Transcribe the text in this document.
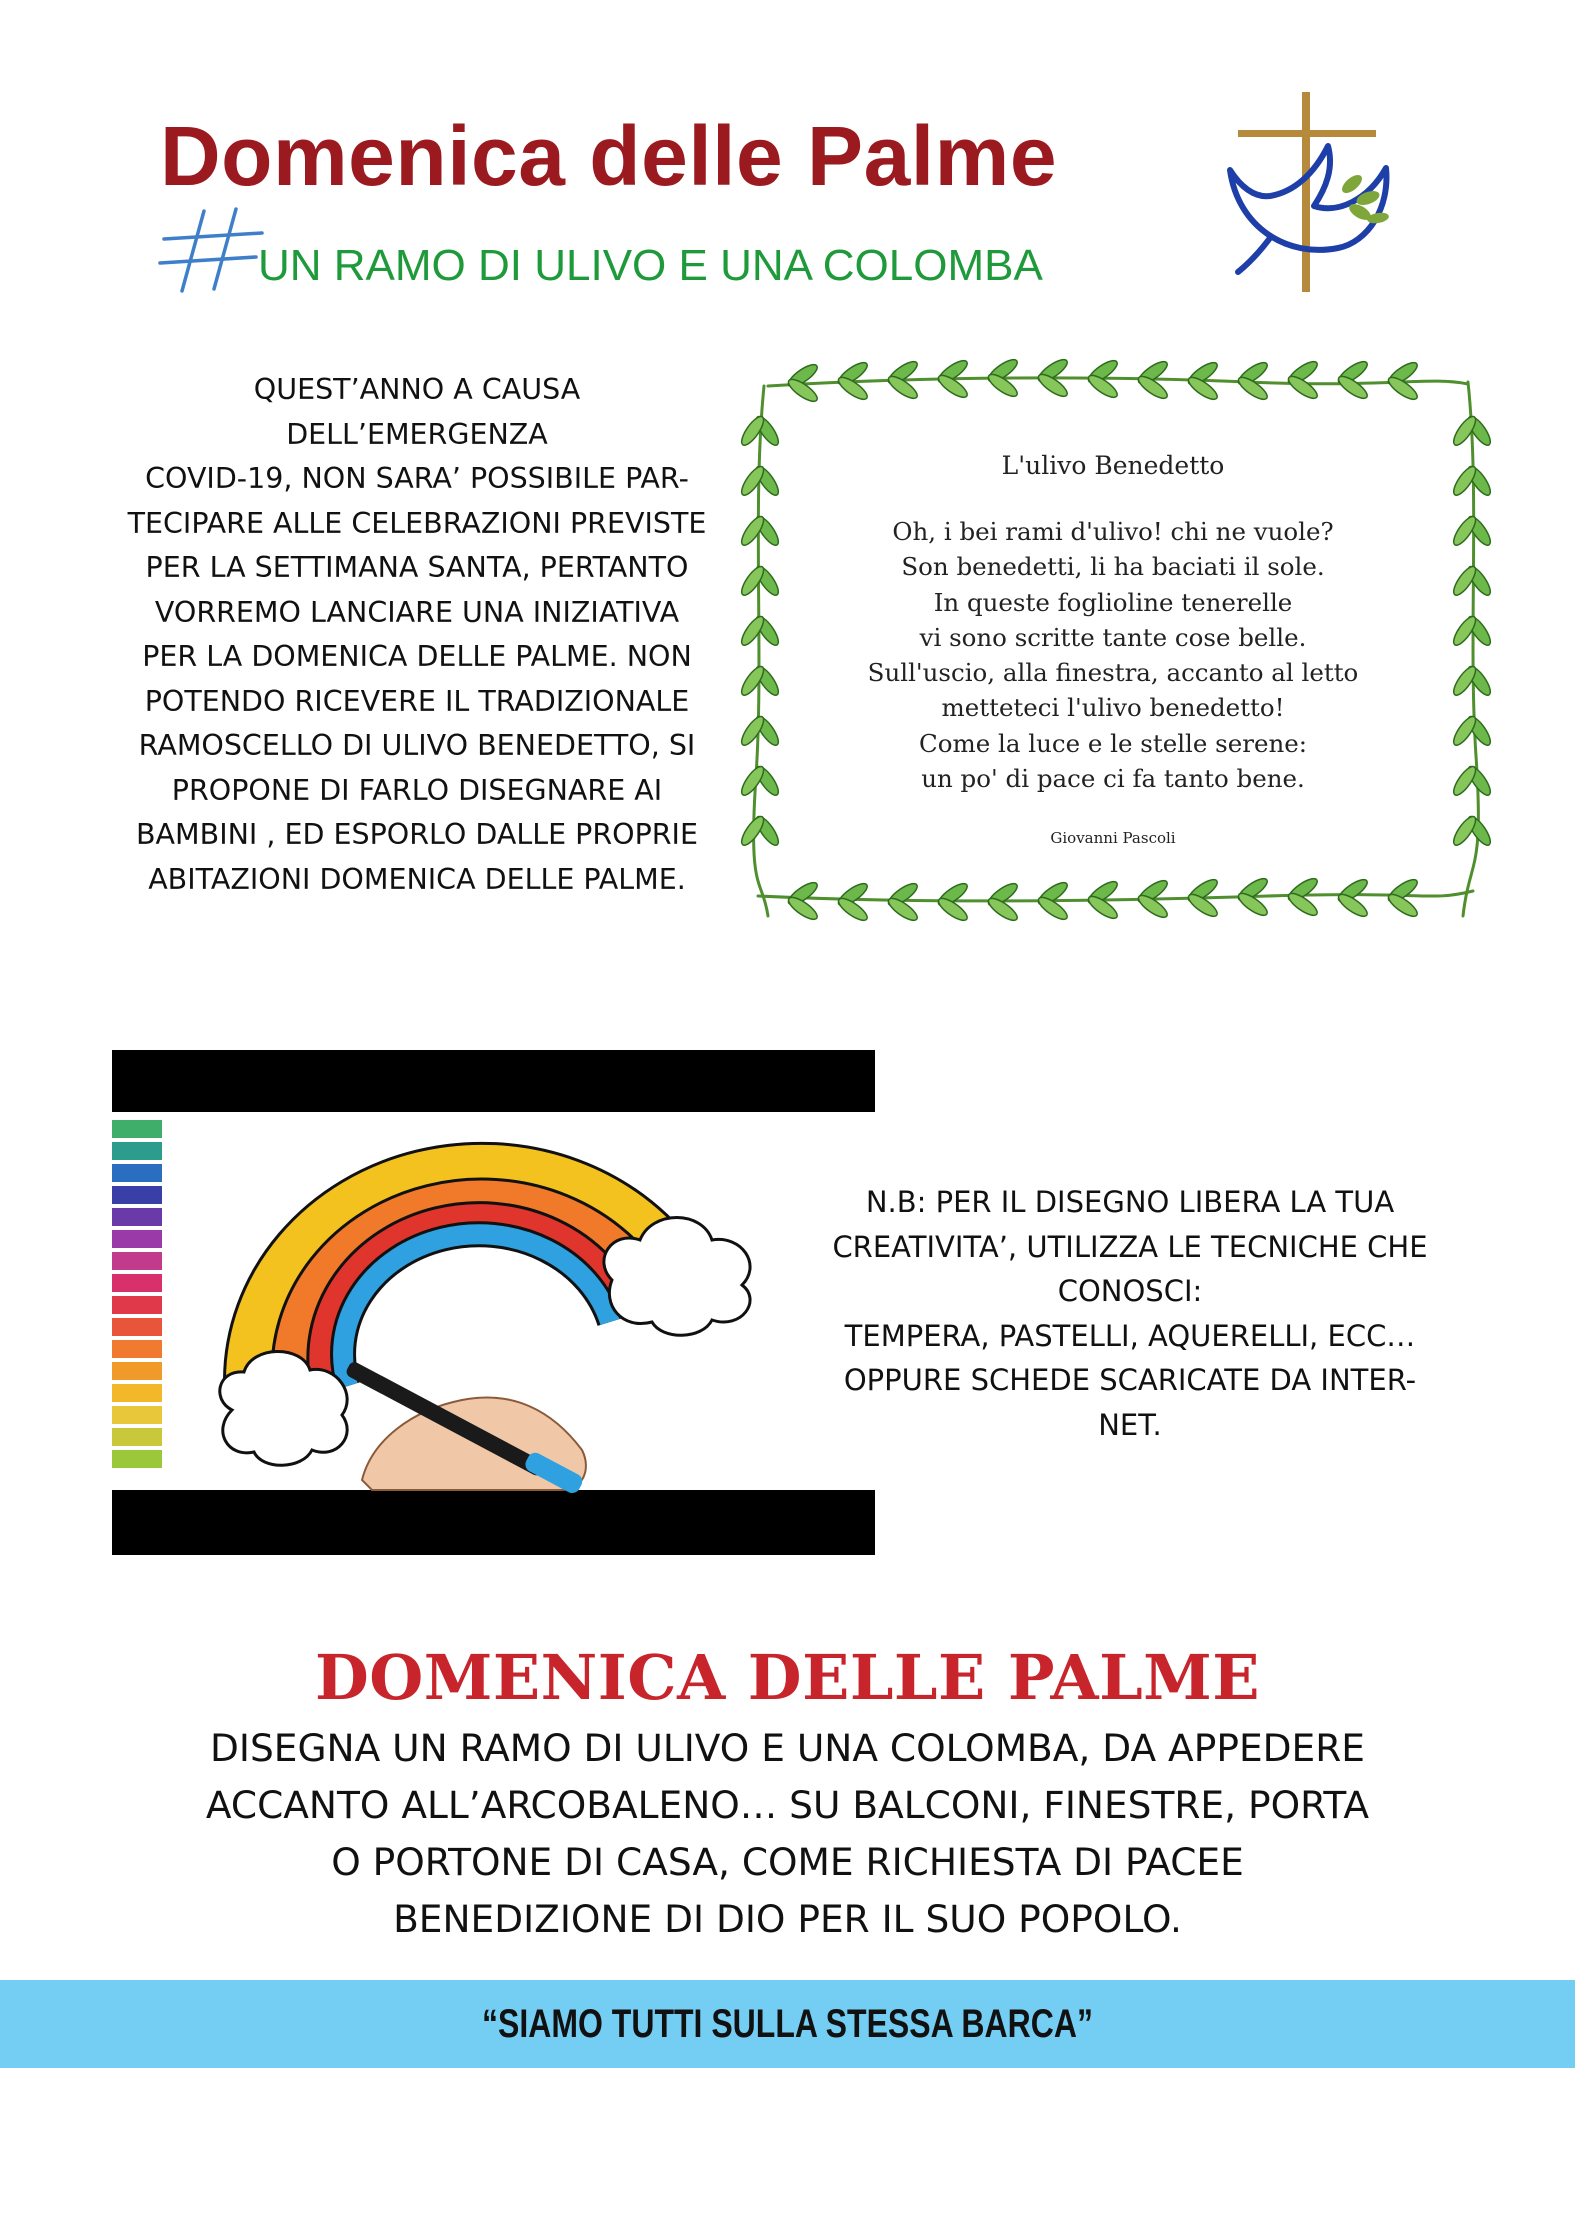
Domenica delle Palme
UN RAMO DI ULIVO E UNA COLOMBA
QUEST’ANNO A CAUSA
DELL’EMERGENZA
COVID-19, NON SARA’ POSSIBILE PAR-
TECIPARE ALLE CELEBRAZIONI PREVISTE
PER LA SETTIMANA SANTA, PERTANTO
VORREMO LANCIARE UNA INIZIATIVA
PER LA DOMENICA DELLE PALME. NON
POTENDO RICEVERE IL TRADIZIONALE
RAMOSCELLO DI ULIVO BENEDETTO, SI
PROPONE DI FARLO DISEGNARE AI
BAMBINI , ED ESPORLO DALLE PROPRIE
ABITAZIONI DOMENICA DELLE PALME.
L'ulivo Benedetto
Oh, i bei rami d'ulivo! chi ne vuole?
Son benedetti, li ha baciati il sole.
In queste foglioline tenerelle
vi sono scritte tante cose belle.
Sull'uscio, alla finestra, accanto al letto
metteteci l'ulivo benedetto!
Come la luce e le stelle serene:
un po' di pace ci fa tanto bene.
Giovanni Pascoli
N.B: PER IL DISEGNO LIBERA LA TUA
CREATIVITA’, UTILIZZA LE TECNICHE CHE
CONOSCI:
TEMPERA, PASTELLI, AQUERELLI, ECC…
OPPURE SCHEDE SCARICATE DA INTER-
NET.
DOMENICA DELLE PALME
DISEGNA UN RAMO DI ULIVO E UNA COLOMBA, DA APPEDERE
ACCANTO ALL’ARCOBALENO… SU BALCONI, FINESTRE, PORTA
O PORTONE DI CASA, COME RICHIESTA DI PACEE
BENEDIZIONE DI DIO PER IL SUO POPOLO.
“SIAMO TUTTI SULLA STESSA BARCA”
